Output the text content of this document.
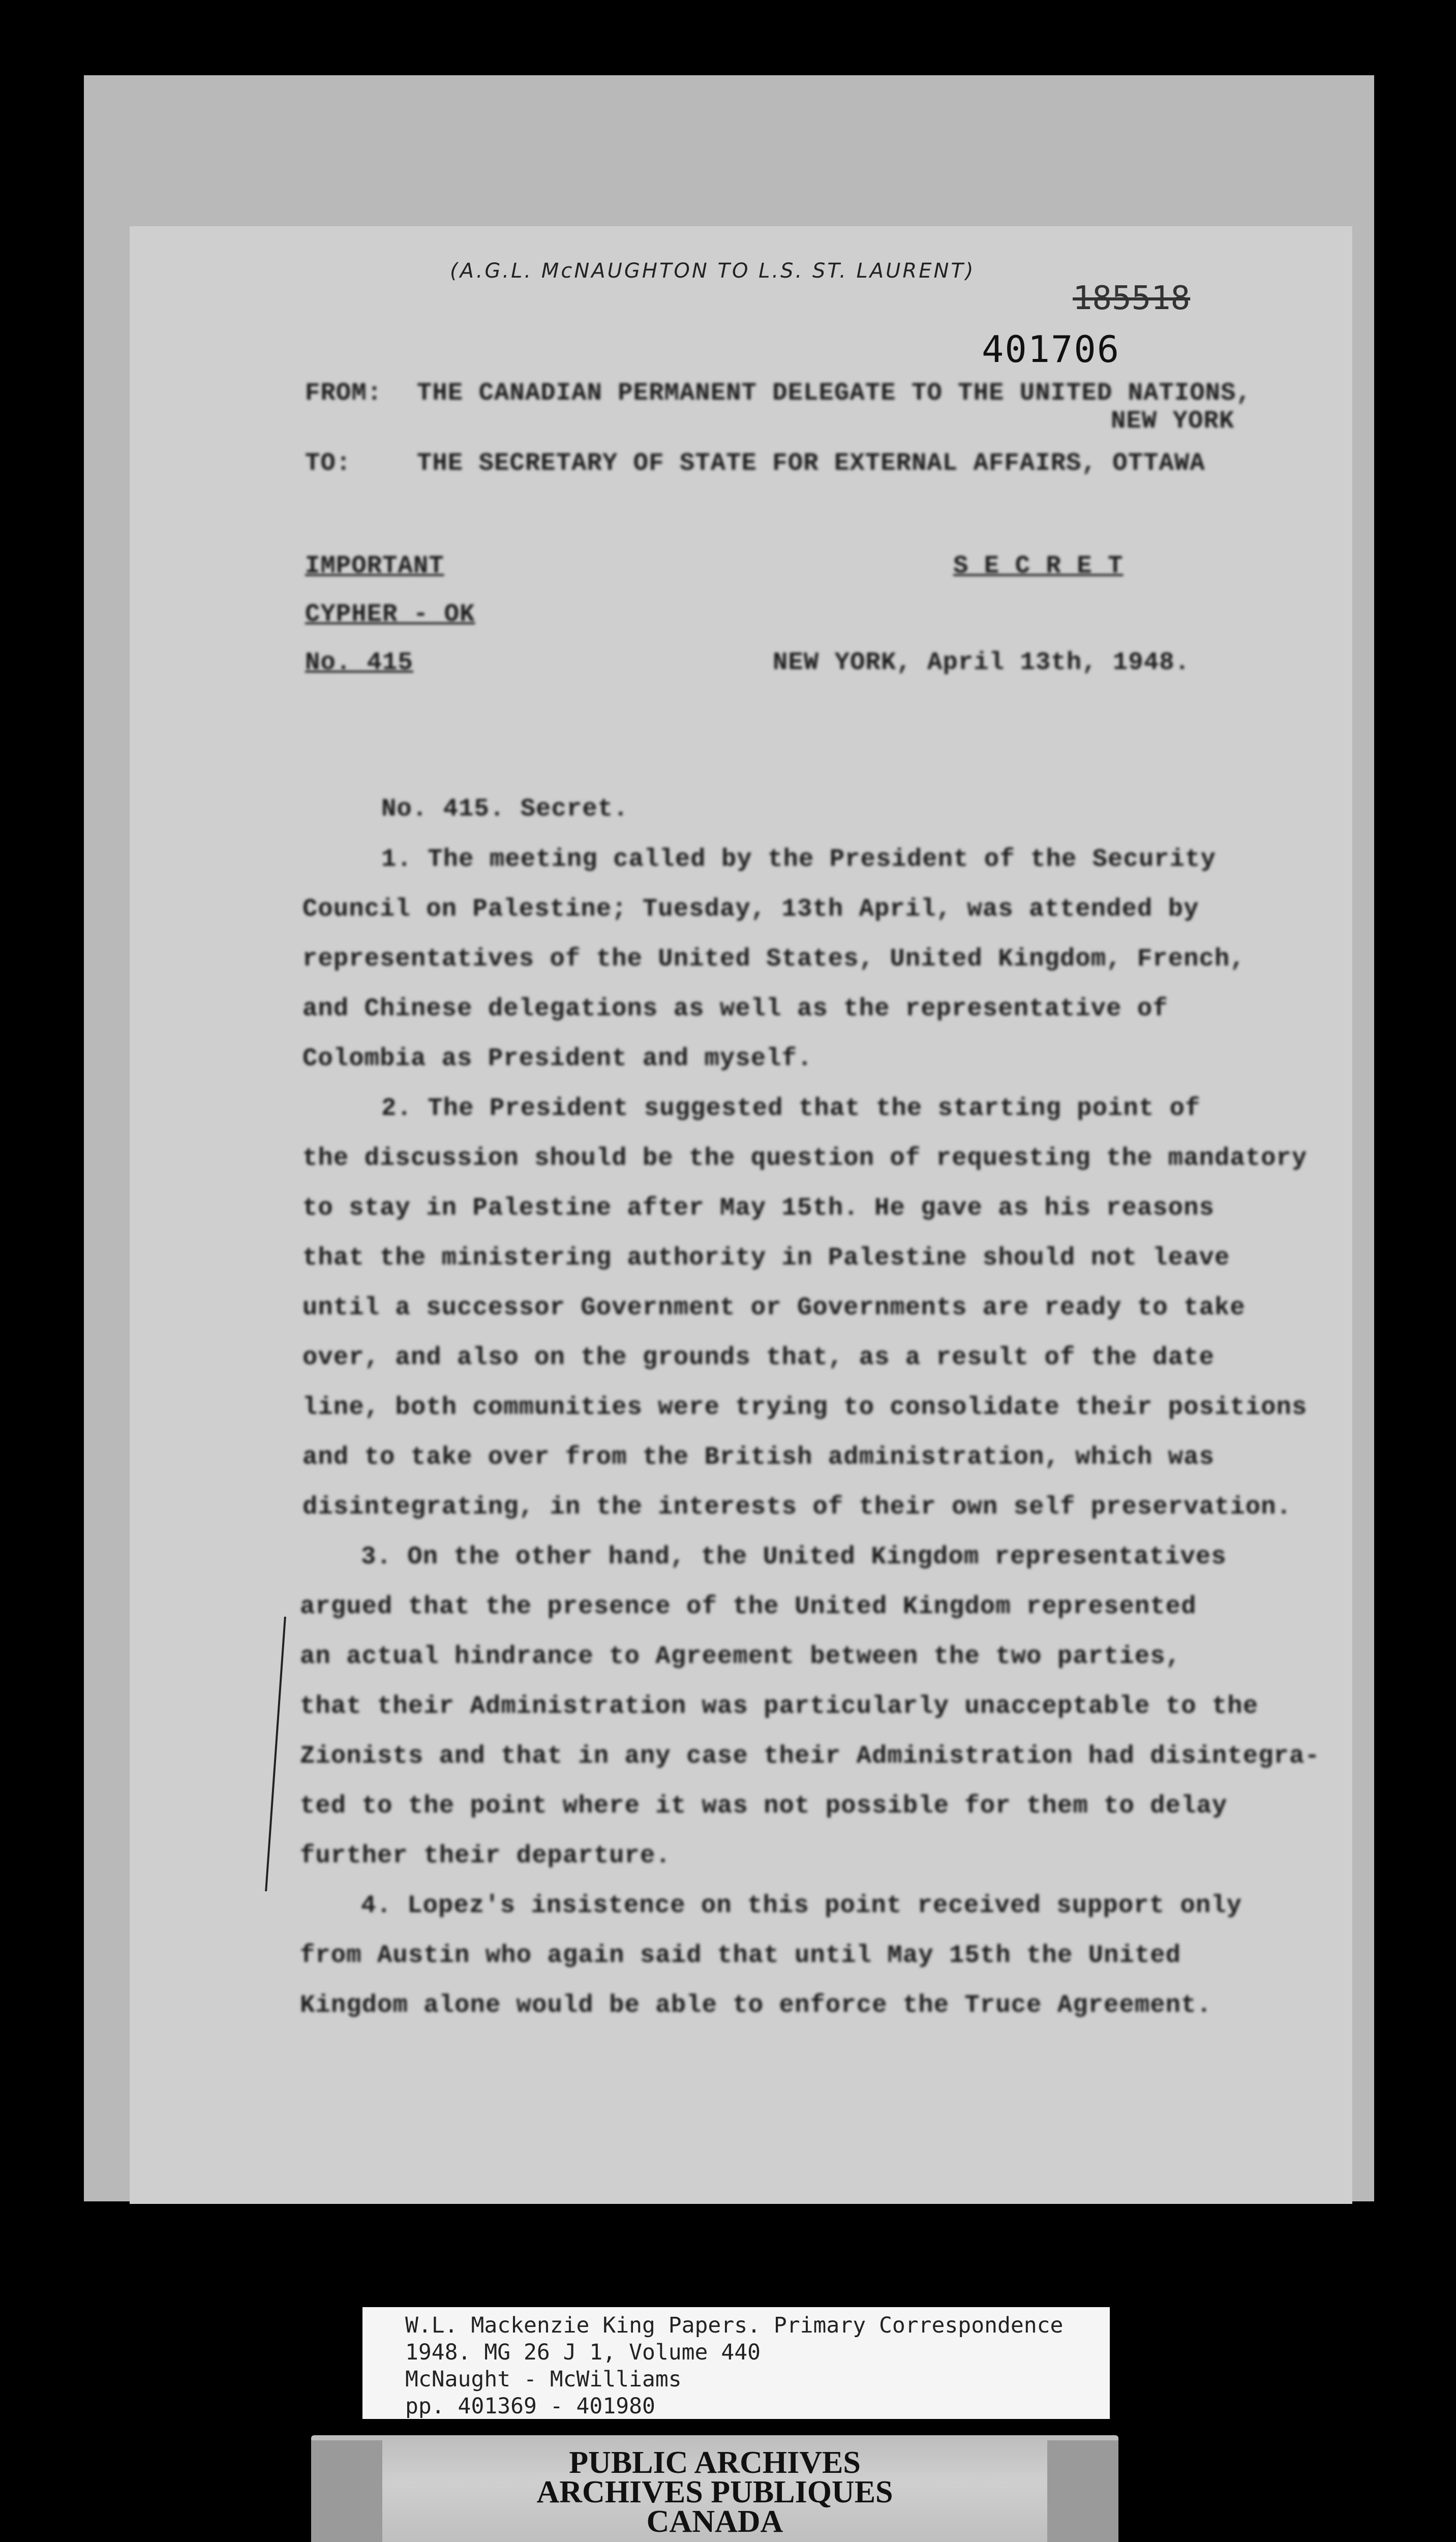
(A.G.L. McNAUGHTON TO L.S. ST. LAURENT)
185518
401706
FROM: THE CANADIAN PERMANENT DELEGATE TO THE UNITED NATIONS,
NEW YORK
TO:	THE SECRETARY OF STATE FOR EXTERNAL AFFAIRS, OTTAWA
IMPORTANT	S E C R E T
CYPHER - OK
No. 415	NEW YORK, April 13th, 1948.
No. 415. Secret.
1. The meeting called by the President of the Security
Council on Palestine; Tuesday, 13th April, was attended by
representatives of the United States, United Kingdom, French,
and Chinese delegations as well as the representative of
Colombia as President and myself.
2. The President suggested that the starting point of
the discussion should be the question of requesting the mandatory
to stay in Palestine after May 15th. He gave as his reasons
that the ministering authority in Palestine should not leave
until a successor Government or Governments are ready to take
over, and also on the grounds that, as a result of the date
line, both communities were trying to consolidate their positions
and to take over from the British administration, which was
disintegrating, in the interests of their own self preservation.
3. On the other hand, the United Kingdom representatives
argued that the presence of the United Kingdom represented
an actual hindrance to Agreement between the two parties,
that their Administration was particularly unacceptable to the
Zionists and that in any case their Administration had disintegra-
ted to the point where it was not possible for them to delay
further their departure.
4. Lopez's insistence on this point received support only
from Austin who again said that until May 15th the United
Kingdom alone would be able to enforce the Truce Agreement.
W.L. Mackenzie King Papers. Primary Correspondence
1948. MG 26 J 1, Volume 440
McNaught - McWilliams
pp. 401369 - 401980
PUBLIC ARCHIVES
ARCHIVES PUBLIQUES
CANADA
